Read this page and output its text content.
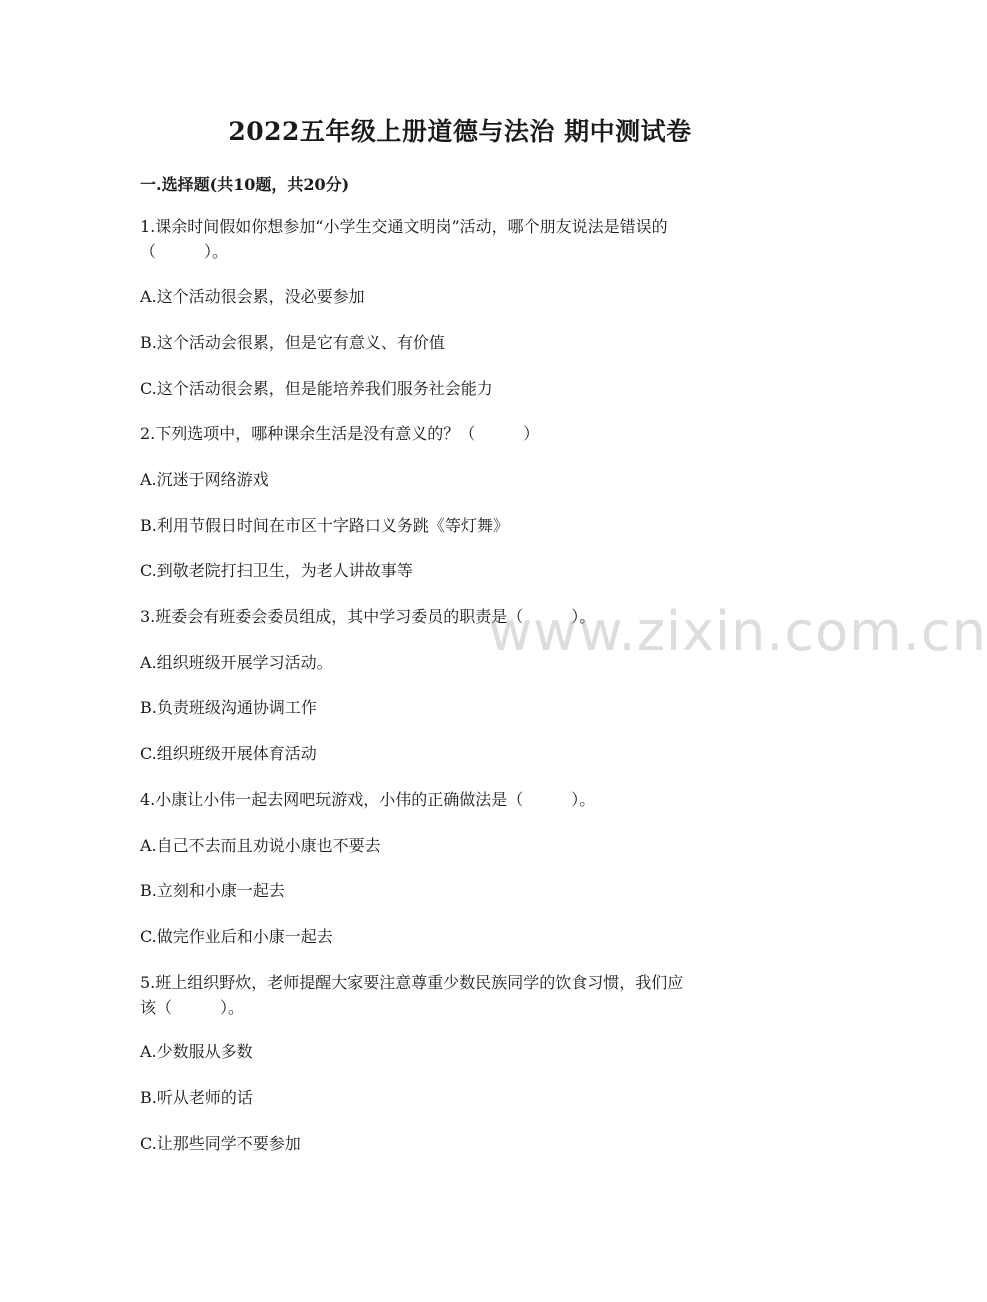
www.zixin.com.cn
2022五年级上册道德与法治 期中测试卷
一.选择题(共10题，共20分)
1.课余时间假如你想参加“小学生交通文明岗”活动，哪个朋友说法是错误的
（　　　）。
A.这个活动很会累，没必要参加
B.这个活动会很累，但是它有意义、有价值
C.这个活动很会累，但是能培养我们服务社会能力
2.下列选项中，哪种课余生活是没有意义的？（　　　）
A.沉迷于网络游戏
B.利用节假日时间在市区十字路口义务跳《等灯舞》
C.到敬老院打扫卫生，为老人讲故事等
3.班委会有班委会委员组成，其中学习委员的职责是（　　　）。
A.组织班级开展学习活动。
B.负责班级沟通协调工作
C.组织班级开展体育活动
4.小康让小伟一起去网吧玩游戏，小伟的正确做法是（　　　）。
A.自己不去而且劝说小康也不要去
B.立刻和小康一起去
C.做完作业后和小康一起去
5.班上组织野炊，老师提醒大家要注意尊重少数民族同学的饮食习惯，我们应
该（　　　）。
A.少数服从多数
B.听从老师的话
C.让那些同学不要参加
